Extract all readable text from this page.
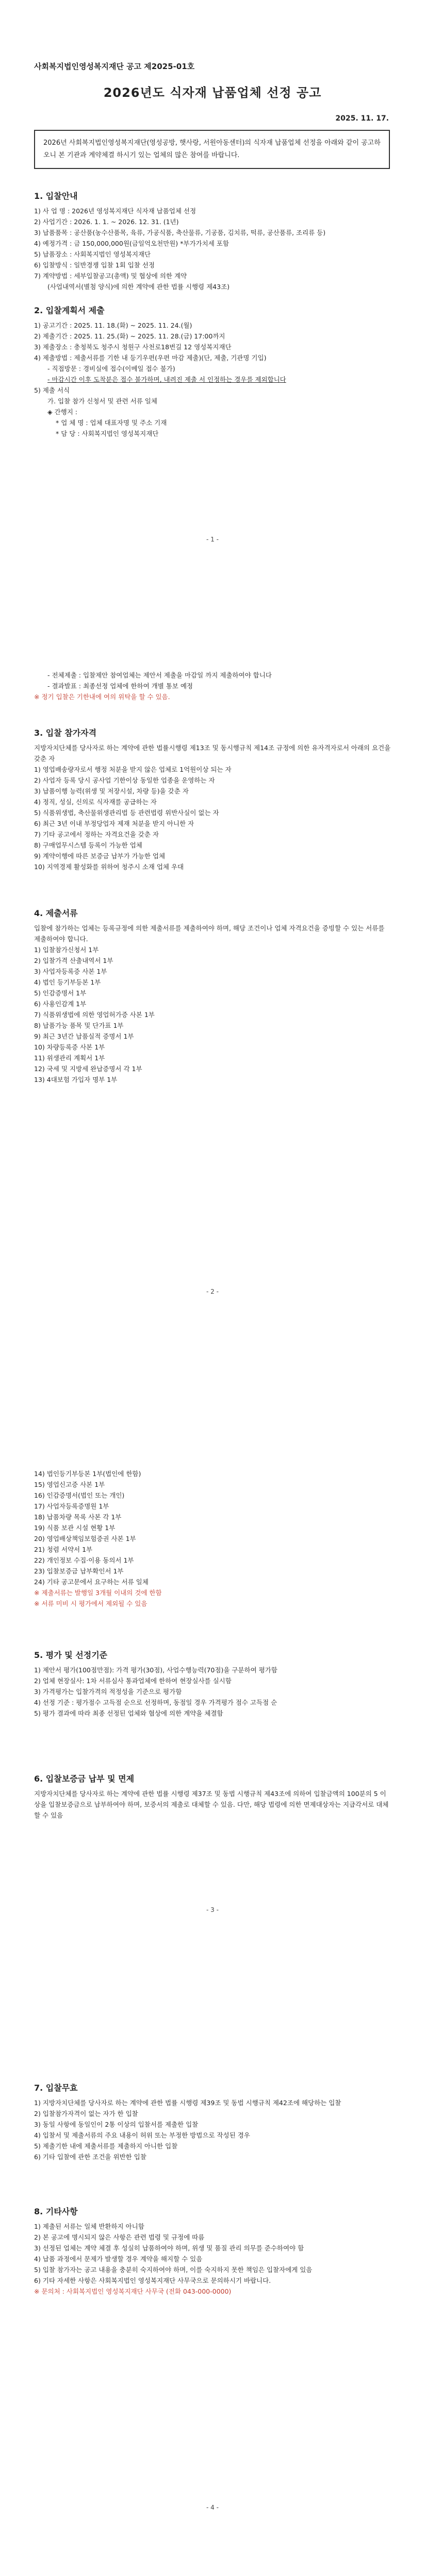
사회복지법인영성복지재단 공고 제2025-01호
2026년도 식자재 납품업체 선정 공고
2025. 11. 17.
2026년 사회복지법인영성복지재단(영성공방, 햇사랑, 서원아동센터)의 식자재 납품업체 선정을 아래와 같이 공고하오니 본 기관과 계약체결 하시기 있는 업체의 많은 참여를 바랍니다.
1. 입찰안내

1) 사 업 명 : 2026년 영성복지재단 식자재 납품업체 선정

2) 사업기간 : 2026. 1. 1. ~ 2026. 12. 31. (1년)

3) 납품품목 : 공산품(농수산품목, 육류, 가공식품, 축산물류, 기공품, 김치류, 떡류, 공산품류, 조리류 등)

4) 예정가격 : 금 150,000,000원(금일억오천만원) *부가가치세 포함

5) 납품장소 : 사회복지법인 영성복지재단

6) 입찰방식 : 일반경쟁 입찰 1회 입찰 선정

7) 계약방법 : 세부입찰공고(총액) 및 협상에 의한 계약

(사업내역서(별첨 양식)에 의한 계약에 관한 법률 시행령 제43조)

2. 입찰계획서 제출

1) 공고기간 : 2025. 11. 18.(화) ~ 2025. 11. 24.(월)

2) 제출기간 : 2025. 11. 25.(화) ~ 2025. 11. 28.(금) 17:00까지

3) 제출장소 : 충청북도 청주시 청원구 사천로18번길 12 영성복지재단

4) 제출방법 : 제출서류를 기한 내 등기우편(우편 마감 제출)(단, 제출, 기관명 기입)

- 직접방문 : 경비실에 접수(이메일 접수 불가)

- 마감시간 이후 도착분은 접수 불가하며, 내려진 제출 서 인정하는 경우를 제외합니다

5) 제출 서식

가. 입찰 참가 신청서 및 관련 서류 일체

◈ 간행지 :

* 업 체 명 : 업체 대표자명 및 주소 기재

* 담 당 : 사회복지법인 영성복지재단

- 1 -

- 전체제출 : 입찰제안 참여업체는 제안서 제출을 마감일 까지 제출하여야 합니다

- 결과발표 : 최종선정 업체에 한하여 개별 통보 예정

※ 정기 입찰은 기한내에 여의 위탁을 할 수 있음.

3. 입찰 참가자격

지방자치단체를 당사자로 하는 계약에 관한 법률시행령 제13조 및 동시행규칙 제14조 규정에 의한 유자격자로서 아래의 요건을 갖춘 자

1) 영업배송량자로서 행정 처분을 받지 않은 업체로 1억원이상 되는 자

2) 사업자 등록 당시 공사업 기한이상 동일한 업종을 운영하는 자

3) 납품이행 능력(위생 및 저장시설, 차량 등)을 갖춘 자

4) 정직, 성실, 신의로 식자재를 공급하는 자

5) 식품위생법, 축산물위생관리법 등 관련법령 위반사실이 없는 자

6) 최근 3년 이내 부정당업자 제재 처분을 받지 아니한 자

7) 기타 공고에서 정하는 자격요건을 갖춘 자

8) 구매업무시스템 등록이 가능한 업체

9) 계약이행에 따른 보증금 납부가 가능한 업체

10) 지역경제 활성화를 위하여 청주시 소재 업체 우대

4. 제출서류

입찰에 참가하는 업체는 등록규정에 의한 제출서류를 제출하여야 하며, 해당 조건이나 업체 자격요건을 증빙할 수 있는 서류를 제출하여야 합니다.

1) 입찰참가신청서 1부

2) 입찰가격 산출내역서 1부

3) 사업자등록증 사본 1부

4) 법인 등기부등본 1부

5) 인감증명서 1부

6) 사용인감계 1부

7) 식품위생법에 의한 영업허가증 사본 1부

8) 납품가능 품목 및 단가표 1부

9) 최근 3년간 납품실적 증명서 1부

10) 차량등록증 사본 1부

11) 위생관리 계획서 1부

12) 국세 및 지방세 완납증명서 각 1부

13) 4대보험 가입자 명부 1부

- 2 -

14) 법인등기부등본 1부(법인에 한함)

15) 영업신고증 사본 1부

16) 인감증명서(법인 또는 개인)

17) 사업자등록증명원 1부

18) 납품차량 목록 사본 각 1부

19) 식품 보관 시설 현황 1부

20) 영업배상책임보험증권 사본 1부

21) 청렴 서약서 1부

22) 개인정보 수집·이용 동의서 1부

23) 입찰보증금 납부확인서 1부

24) 기타 공고문에서 요구하는 서류 일체

※ 제출서류는 발행일 3개월 이내의 것에 한함

※ 서류 미비 시 평가에서 제외될 수 있음

5. 평가 및 선정기준

1) 제안서 평가(100점만점): 가격 평가(30점), 사업수행능력(70점)을 구분하여 평가함

2) 업체 현장실사: 1차 서류심사 통과업체에 한하여 현장실사를 실시함

3) 가격평가는 입찰가격의 적정성을 기준으로 평가함

4) 선정 기준 : 평가점수 고득점 순으로 선정하며, 동점일 경우 가격평가 점수 고득점 순

5) 평가 결과에 따라 최종 선정된 업체와 협상에 의한 계약을 체결함

6. 입찰보증금 납부 및 면제

지방자치단체를 당사자로 하는 계약에 관한 법률 시행령 제37조 및 동법 시행규칙 제43조에 의하여 입찰금액의 100분의 5 이상을 입찰보증금으로 납부하여야 하며, 보증서의 제출로 대체할 수 있음. 다만, 해당 법령에 의한 면제대상자는 지급각서로 대체할 수 있음

- 3 -
7. 입찰무효

1) 지방자치단체를 당사자로 하는 계약에 관한 법률 시행령 제39조 및 동법 시행규칙 제42조에 해당하는 입찰

2) 입찰참가자격이 없는 자가 한 입찰

3) 동일 사항에 동일인이 2통 이상의 입찰서를 제출한 입찰

4) 입찰서 및 제출서류의 주요 내용이 허위 또는 부정한 방법으로 작성된 경우

5) 제출기한 내에 제출서류를 제출하지 아니한 입찰

6) 기타 입찰에 관한 조건을 위반한 입찰

8. 기타사항

1) 제출된 서류는 일체 반환하지 아니함

2) 본 공고에 명시되지 않은 사항은 관련 법령 및 규정에 따름

3) 선정된 업체는 계약 체결 후 성실히 납품하여야 하며, 위생 및 품질 관리 의무를 준수하여야 함

4) 납품 과정에서 문제가 발생할 경우 계약을 해지할 수 있음

5) 입찰 참가자는 공고 내용을 충분히 숙지하여야 하며, 이를 숙지하지 못한 책임은 입찰자에게 있음

6) 기타 자세한 사항은 사회복지법인 영성복지재단 사무국으로 문의하시기 바랍니다.

※ 문의처 : 사회복지법인 영성복지재단 사무국 (전화 043-000-0000)

- 4 -
